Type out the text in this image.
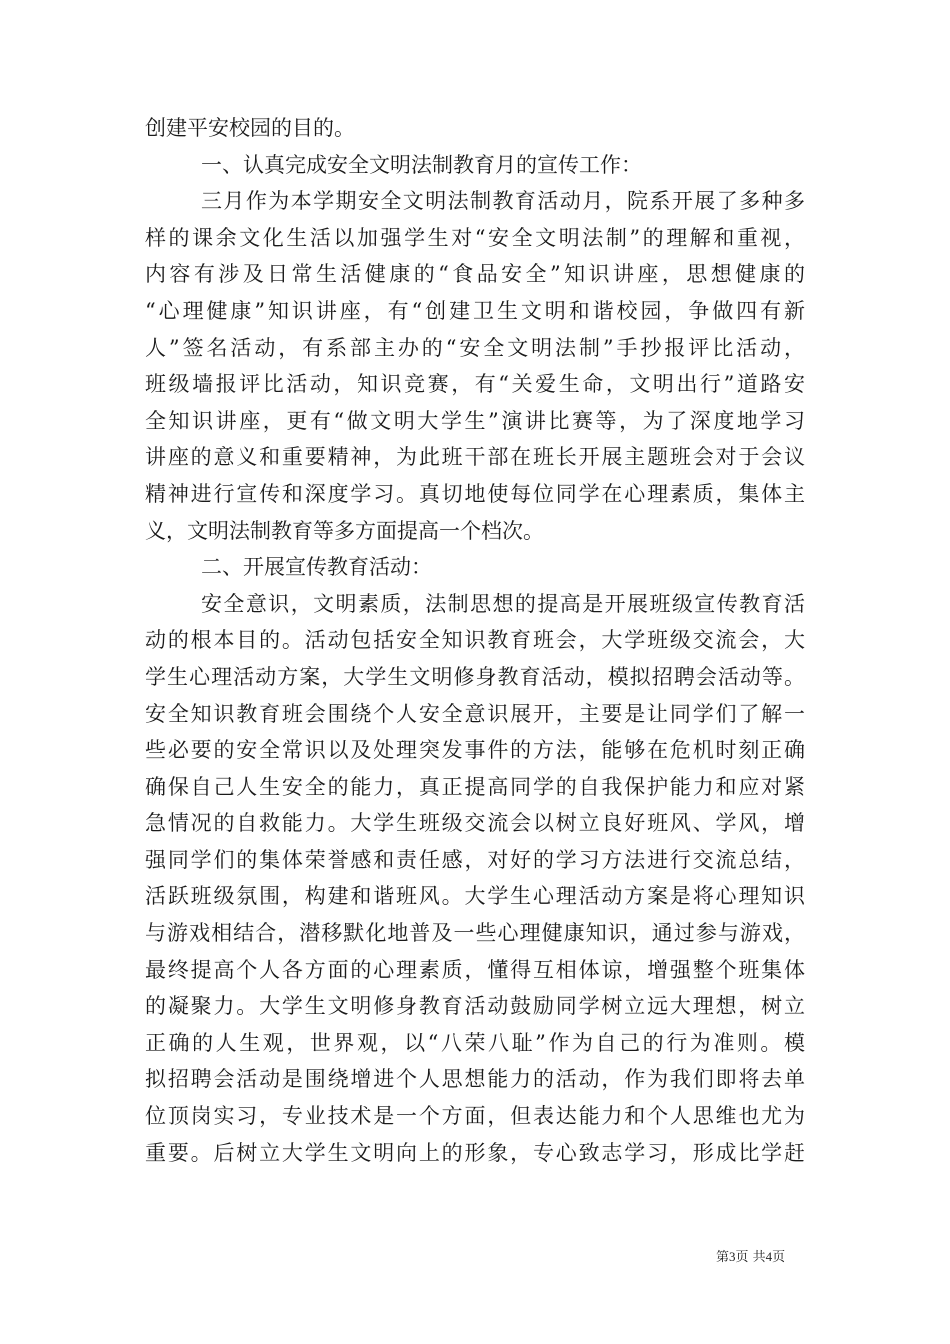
创建平安校园的目的。
一、认真完成安全文明法制教育月的宣传工作：
三月作为本学期安全文明法制教育活动月，院系开展了多种多
样的课余文化生活以加强学生对“安全文明法制”的理解和重视，
内容有涉及日常生活健康的“食品安全”知识讲座，思想健康的
“心理健康”知识讲座，有“创建卫生文明和谐校园，争做四有新
人”签名活动，有系部主办的“安全文明法制”手抄报评比活动，
班级墙报评比活动，知识竞赛，有“关爱生命，文明出行”道路安
全知识讲座，更有“做文明大学生”演讲比赛等，为了深度地学习
讲座的意义和重要精神，为此班干部在班长开展主题班会对于会议
精神进行宣传和深度学习。真切地使每位同学在心理素质，集体主
义，文明法制教育等多方面提高一个档次。
二、开展宣传教育活动：
安全意识，文明素质，法制思想的提高是开展班级宣传教育活
动的根本目的。活动包括安全知识教育班会，大学班级交流会，大
学生心理活动方案，大学生文明修身教育活动，模拟招聘会活动等。
安全知识教育班会围绕个人安全意识展开，主要是让同学们了解一
些必要的安全常识以及处理突发事件的方法，能够在危机时刻正确
确保自己人生安全的能力，真正提高同学的自我保护能力和应对紧
急情况的自救能力。大学生班级交流会以树立良好班风、学风，增
强同学们的集体荣誉感和责任感，对好的学习方法进行交流总结，
活跃班级氛围，构建和谐班风。大学生心理活动方案是将心理知识
与游戏相结合，潜移默化地普及一些心理健康知识，通过参与游戏，
最终提高个人各方面的心理素质，懂得互相体谅，增强整个班集体
的凝聚力。大学生文明修身教育活动鼓励同学树立远大理想，树立
正确的人生观，世界观，以“八荣八耻”作为自己的行为准则。模
拟招聘会活动是围绕增进个人思想能力的活动，作为我们即将去单
位顶岗实习，专业技术是一个方面，但表达能力和个人思维也尤为
重要。后树立大学生文明向上的形象，专心致志学习，形成比学赶
第3页 共4页
